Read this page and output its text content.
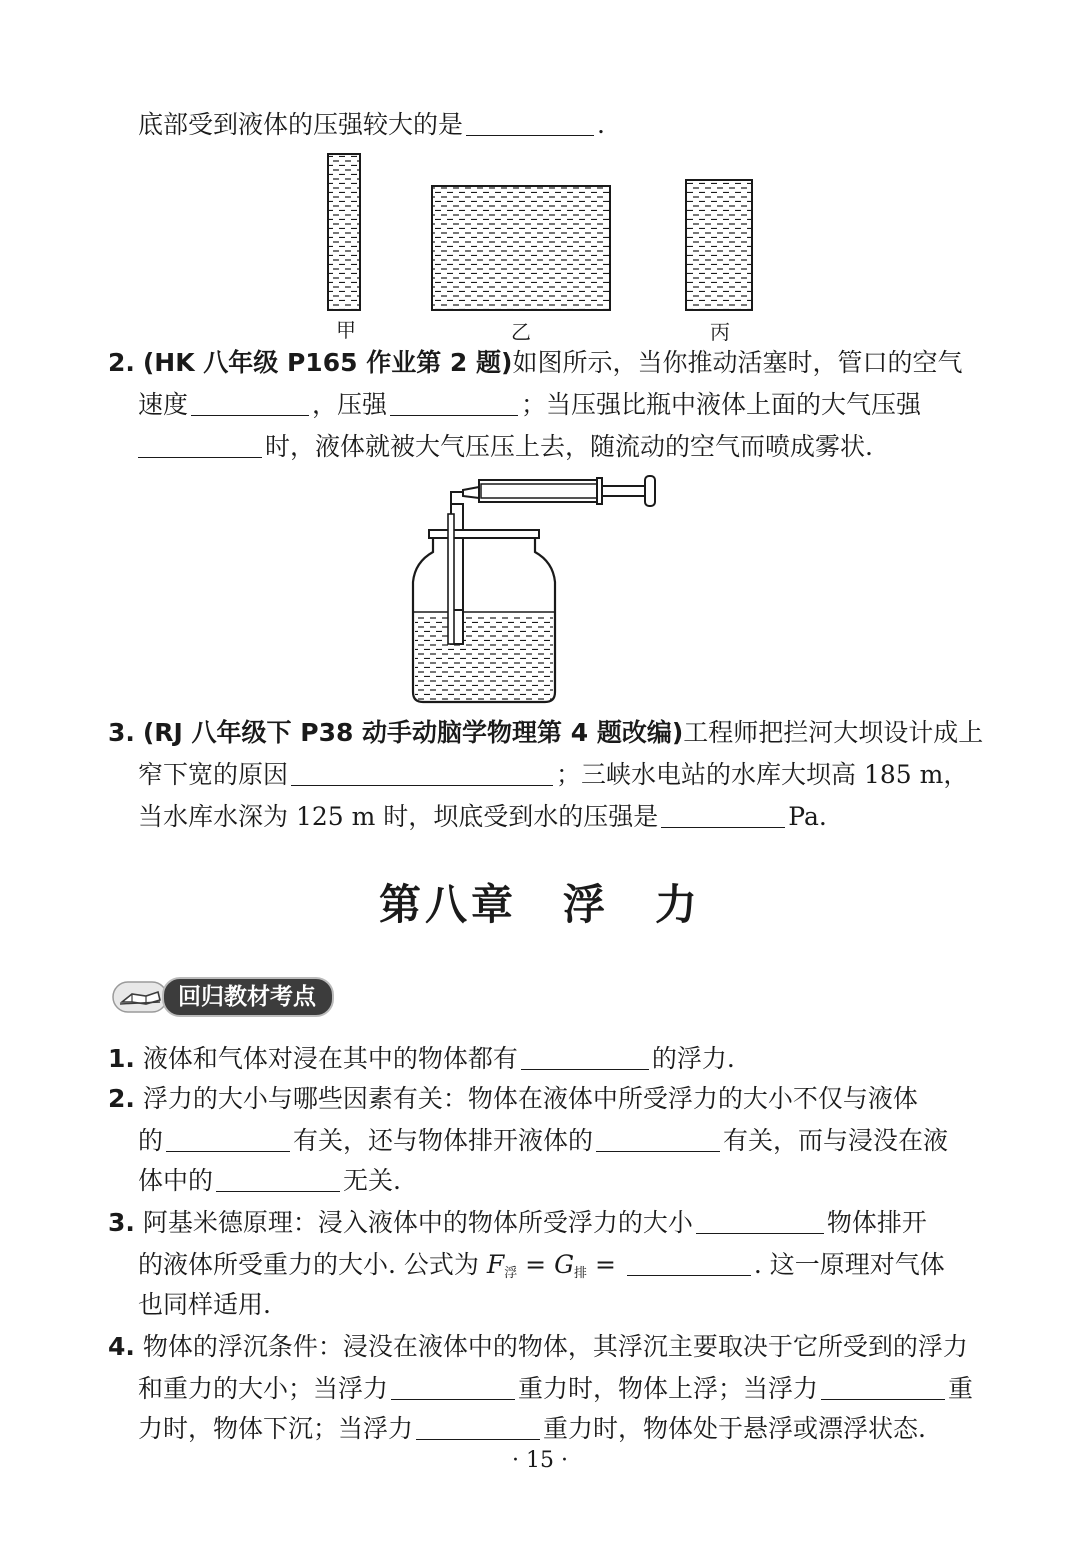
底部受到液体的压强较大的是	.
甲	乙	丙
2. (HK 八年级 P165 作业第 2 题)如图所示，当你推动活塞时，管口的空气
速度	，压强	；当压强比瓶中液体上面的大气压强
时，液体就被大气压压上去，随流动的空气而喷成雾状.
3. (RJ 八年级下 P38 动手动脑学物理第 4 题改编)工程师把拦河大坝设计成上
窄下宽的原因	；三峡水电站的水库大坝高 185 m，
当水库水深为 125 m 时，坝底受到水的压强是	Pa.
第八章　浮　力
回归教材考点
1. 液体和气体对浸在其中的物体都有	的浮力.
2. 浮力的大小与哪些因素有关：物体在液体中所受浮力的大小不仅与液体
的	有关，还与物体排开液体的	有关，而与浸没在液
体中的	无关.
3. 阿基米德原理：浸入液体中的物体所受浮力的大小	物体排开
的液体所受重力的大小. 公式为 $F_浮 = G_排$ =	. 这一原理对气体
也同样适用.
4. 物体的浮沉条件：浸没在液体中的物体，其浮沉主要取决于它所受到的浮力
和重力的大小；当浮力	重力时，物体上浮；当浮力	重
力时，物体下沉；当浮力	重力时，物体处于悬浮或漂浮状态.
· 15 ·
